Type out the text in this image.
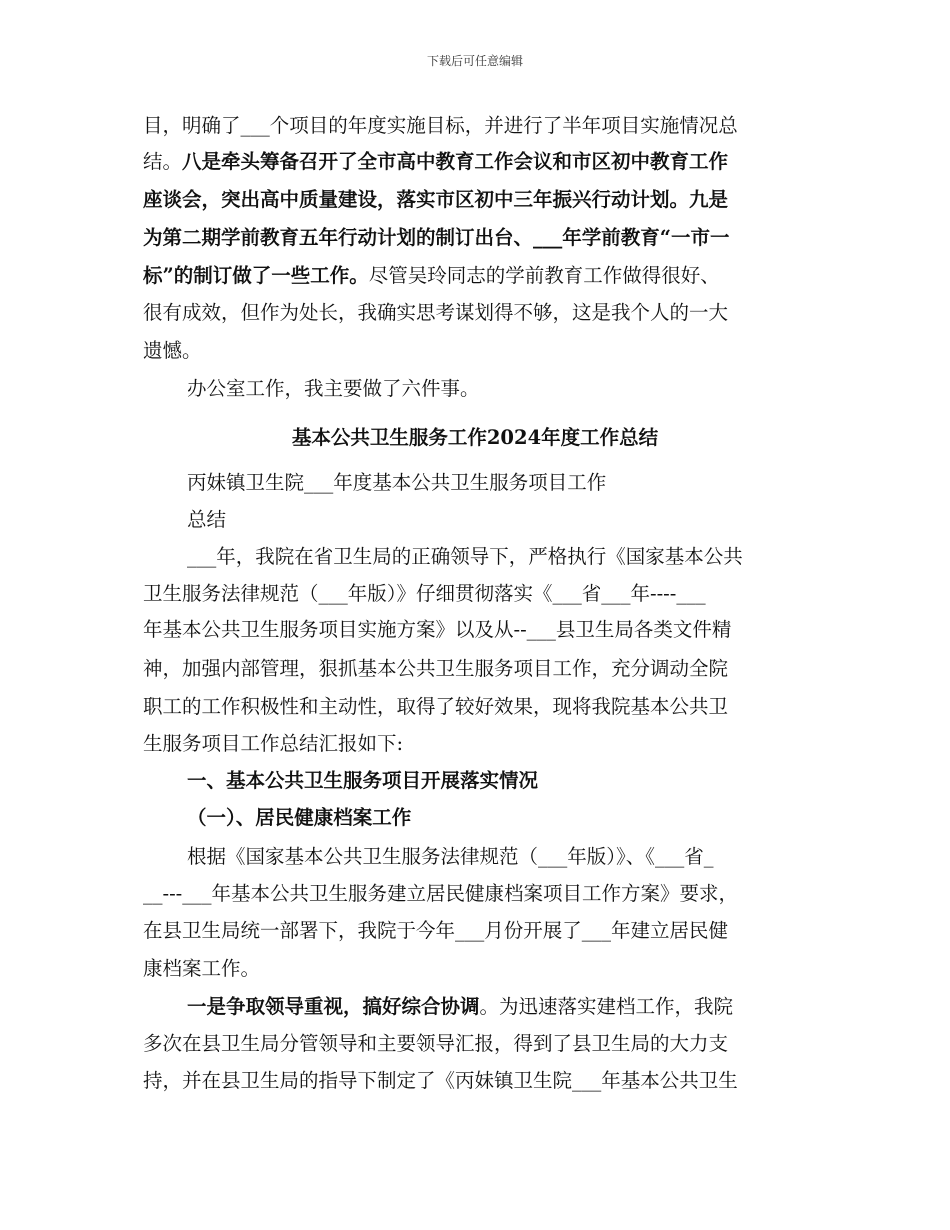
下载后可任意编辑
目，明确了___个项目的年度实施目标，并进行了半年项目实施情况总
结。八是牵头筹备召开了全市高中教育工作会议和市区初中教育工作
座谈会，突出高中质量建设，落实市区初中三年振兴行动计划。九是
为第二期学前教育五年行动计划的制订出台、___年学前教育“一市一
标”的制订做了一些工作。尽管吴玲同志的学前教育工作做得很好、
很有成效，但作为处长，我确实思考谋划得不够，这是我个人的一大
遗憾。
办公室工作，我主要做了六件事。
基本公共卫生服务工作2024年度工作总结
丙妹镇卫生院___年度基本公共卫生服务项目工作
总结
___年，我院在省卫生局的正确领导下，严格执行《国家基本公共
卫生服务法律规范（___年版）》仔细贯彻落实《___省___年----___
年基本公共卫生服务项目实施方案》以及从--___县卫生局各类文件精
神，加强内部管理，狠抓基本公共卫生服务项目工作，充分调动全院
职工的工作积极性和主动性，取得了较好效果，现将我院基本公共卫
生服务项目工作总结汇报如下:
一、基本公共卫生服务项目开展落实情况
（一）、居民健康档案工作
根据《国家基本公共卫生服务法律规范（___年版）》、《___省_
__---___年基本公共卫生服务建立居民健康档案项目工作方案》要求，
在县卫生局统一部署下，我院于今年___月份开展了___年建立居民健
康档案工作。
一是争取领导重视，搞好综合协调。为迅速落实建档工作，我院
多次在县卫生局分管领导和主要领导汇报，得到了县卫生局的大力支
持，并在县卫生局的指导下制定了《丙妹镇卫生院___年基本公共卫生
